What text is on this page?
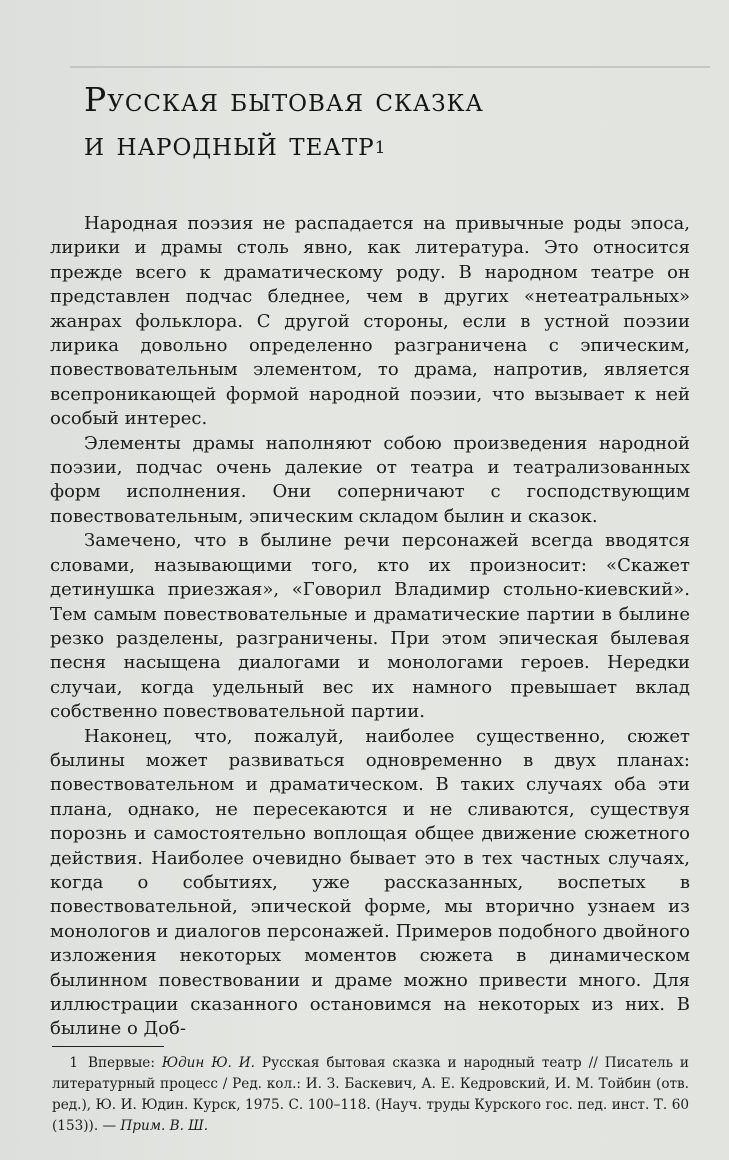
Русская бытовая сказка
и народный театр$^1$

Народная поэзия не распадается на привычные роды эпоса, лирики и драмы столь явно, как литература. Это относится прежде всего к драматическому роду. В народном театре он представлен подчас бледнее, чем в других «нетеатральных» жанрах фольклора. С другой стороны, если в устной поэзии лирика довольно определенно разграничена с эпическим, повествовательным элементом, то драма, напротив, является всепроникающей формой народной поэзии, что вызывает к ней особый интерес.

Элементы драмы наполняют собою произведения народной поэзии, подчас очень далекие от театра и театрализованных форм исполнения. Они соперничают с господствующим повествовательным, эпическим складом былин и сказок.

Замечено, что в былине речи персонажей всегда вводятся словами, называющими того, кто их произносит: «Скажет детинушка приезжая», «Говорил Владимир стольно-киевский». Тем самым повествовательные и драматические партии в былине резко разделены, разграничены. При этом эпическая былевая песня насыщена диалогами и монологами героев. Нередки случаи, когда удельный вес их намного превышает вклад собственно повествовательной партии.

Наконец, что, пожалуй, наиболее существенно, сюжет былины может развиваться одновременно в двух планах: повествовательном и драматическом. В таких случаях оба эти плана, однако, не пересекаются и не сливаются, существуя порознь и самостоятельно воплощая общее движение сюжетного действия. Наиболее очевидно бывает это в тех частных случаях, когда о событиях, уже рассказанных, воспетых в повествовательной, эпической форме, мы вторично узнаем из монологов и диалогов персонажей. Примеров подобного двойного изложения некоторых моментов сюжета в динамическом былинном повествовании и драме можно привести много. Для иллюстрации сказанного остановимся на некоторых из них. В былине о Доб-

1 Впервые: Юдин Ю. И. Русская бытовая сказка и народный театр // Писатель и литературный процесс / Ред. кол.: И. З. Баскевич, А. Е. Кедровский, И. М. Тойбин (отв. ред.), Ю. И. Юдин. Курск, 1975. С. 100–118. (Науч. труды Курского гос. пед. инст. Т. 60 (153)). — Прим. В. Ш.
